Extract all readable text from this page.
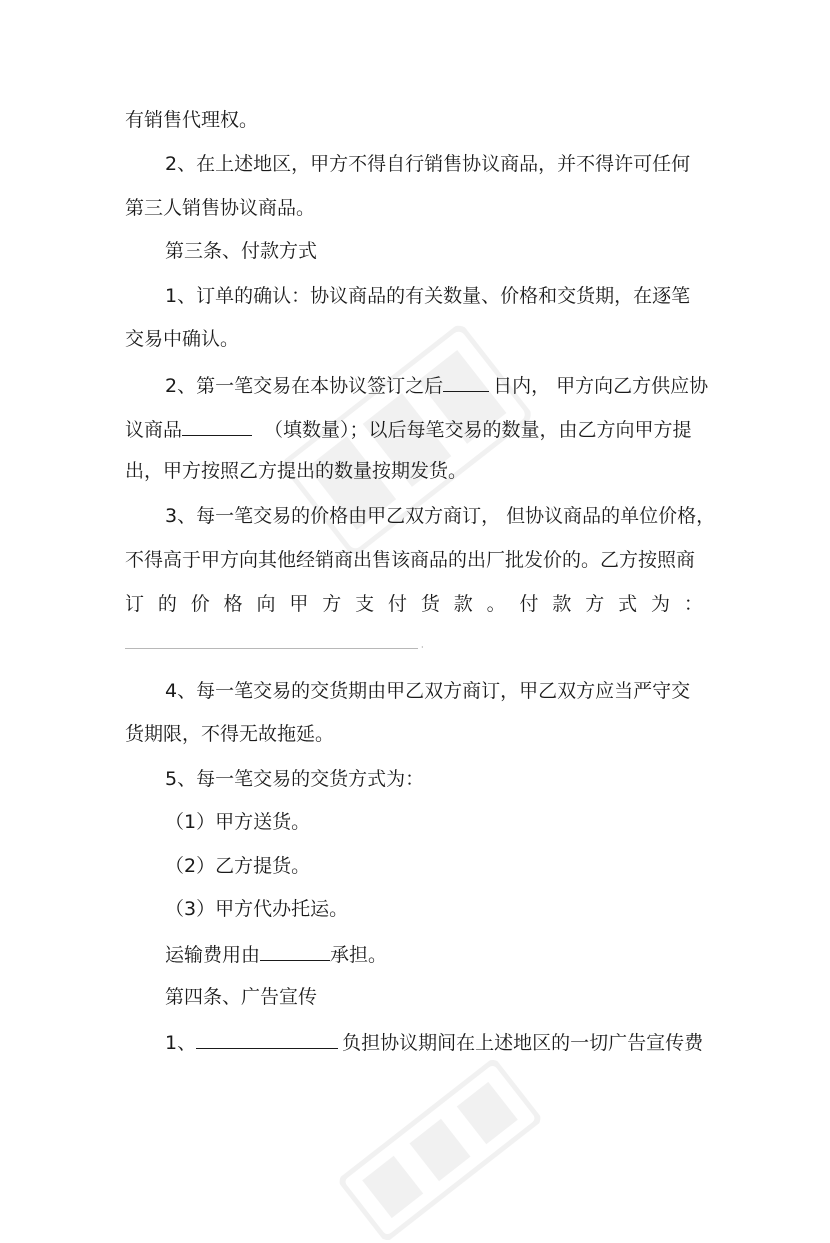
有销售代理权。
2、在上述地区，甲方不得自行销售协议商品，并不得许可任何
第三人销售协议商品。
第三条、付款方式
1、订单的确认：协议商品的有关数量、价格和交货期，在逐笔
交易中确认。
2、第一笔交易在本协议签订之后	日内， 甲方向乙方供应协
议商品	（填数量）；以后每笔交易的数量，由乙方向甲方提
出，甲方按照乙方提出的数量按期发货。
3、每一笔交易的价格由甲乙双方商订， 但协议商品的单位价格，
不得高于甲方向其他经销商出售该商品的出厂批发价的。乙方按照商
订 的 价 格 向 甲 方 支 付 货 款 。 付 款 方 式 为 ：
·
4、每一笔交易的交货期由甲乙双方商订，甲乙双方应当严守交
货期限，不得无故拖延。
5、每一笔交易的交货方式为：
（1）甲方送货。
（2）乙方提货。
（3）甲方代办托运。
运输费用由	承担。
第四条、广告宣传
1、	负担协议期间在上述地区的一切广告宣传费
